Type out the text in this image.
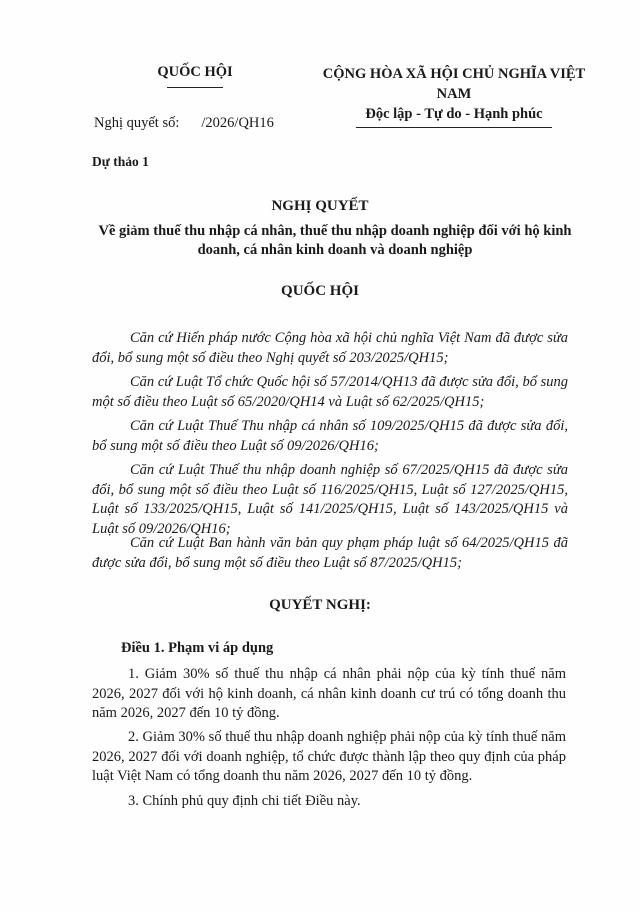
QUỐC HỘI	CỘNG HÒA XÃ HỘI CHỦ NGHĨA VIỆT NAM
Độc lập - Tự do - Hạnh phúc
Nghị quyết số: /2026/QH16
Dự thảo 1
NGHỊ QUYẾT
Về giảm thuế thu nhập cá nhân, thuế thu nhập doanh nghiệp đối với hộ kinh doanh, cá nhân kinh doanh và doanh nghiệp
QUỐC HỘI
Căn cứ Hiến pháp nước Cộng hòa xã hội chủ nghĩa Việt Nam đã được sửa đổi, bổ sung một số điều theo Nghị quyết số 203/2025/QH15;
Căn cứ Luật Tổ chức Quốc hội số 57/2014/QH13 đã được sửa đổi, bổ sung một số điều theo Luật số 65/2020/QH14 và Luật số 62/2025/QH15;
Căn cứ Luật Thuế Thu nhập cá nhân số 109/2025/QH15 đã được sửa đổi, bổ sung một số điều theo Luật số 09/2026/QH16;
Căn cứ Luật Thuế thu nhập doanh nghiệp số 67/2025/QH15 đã được sửa đổi, bổ sung một số điều theo Luật số 116/2025/QH15, Luật số 127/2025/QH15, Luật số 133/2025/QH15, Luật số 141/2025/QH15, Luật số 143/2025/QH15 và Luật số 09/2026/QH16;
Căn cứ Luật Ban hành văn bản quy phạm pháp luật số 64/2025/QH15 đã được sửa đổi, bổ sung một số điều theo Luật số 87/2025/QH15;
QUYẾT NGHỊ:
Điều 1. Phạm vi áp dụng
1. Giảm 30% số thuế thu nhập cá nhân phải nộp của kỳ tính thuế năm 2026, 2027 đối với hộ kinh doanh, cá nhân kinh doanh cư trú có tổng doanh thu năm 2026, 2027 đến 10 tỷ đồng.
2. Giảm 30% số thuế thu nhập doanh nghiệp phải nộp của kỳ tính thuế năm 2026, 2027 đối với doanh nghiệp, tổ chức được thành lập theo quy định của pháp luật Việt Nam có tổng doanh thu năm 2026, 2027 đến 10 tỷ đồng.
3. Chính phủ quy định chi tiết Điều này.
